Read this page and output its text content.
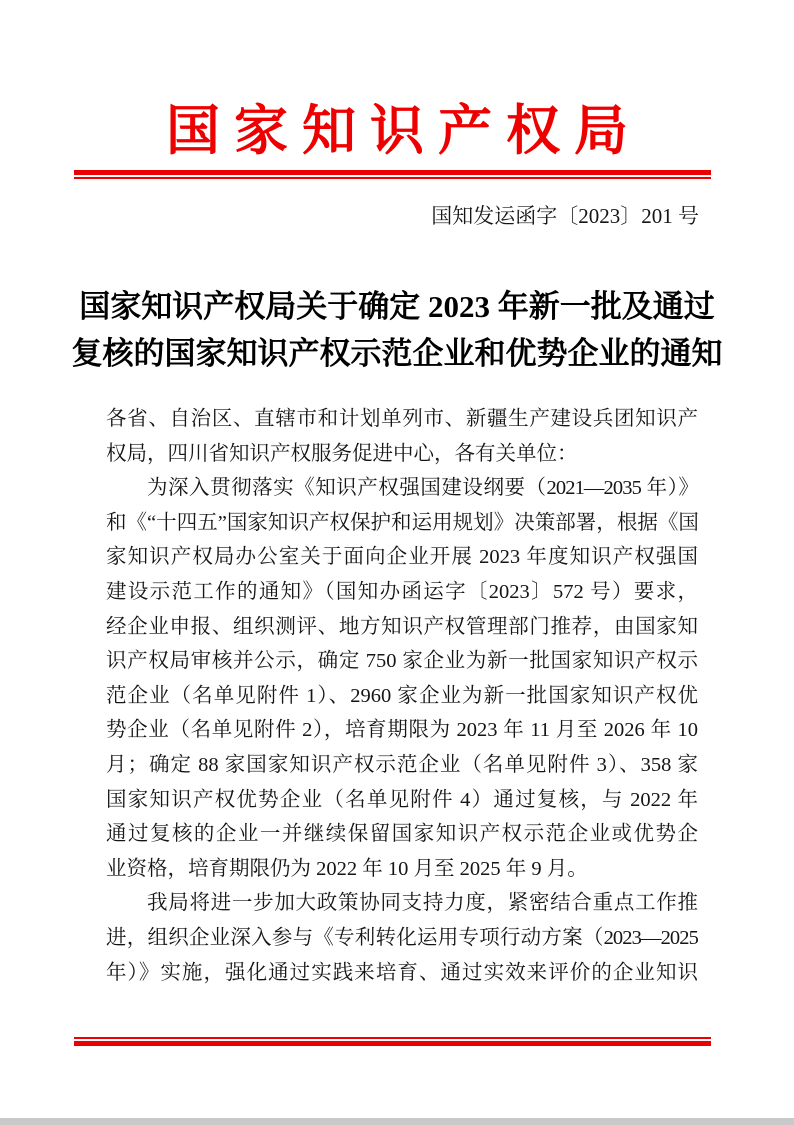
国家知识产权局
国知发运函字〔2023〕201 号
国家知识产权局关于确定 2023 年新一批及通过
复核的国家知识产权示范企业和优势企业的通知
各省、自治区、直辖市和计划单列市、新疆生产建设兵团知识产
权局，四川省知识产权服务促进中心，各有关单位：
为深入贯彻落实《知识产权强国建设纲要（2021—2035 年）》
和《“十四五”国家知识产权保护和运用规划》决策部署，根据《国
家知识产权局办公室关于面向企业开展 2023 年度知识产权强国
建设示范工作的通知》（国知办函运字〔2023〕572 号）要求，
经企业申报、组织测评、地方知识产权管理部门推荐，由国家知
识产权局审核并公示，确定 750 家企业为新一批国家知识产权示
范企业（名单见附件 1）、2960 家企业为新一批国家知识产权优
势企业（名单见附件 2），培育期限为 2023 年 11 月至 2026 年 10
月；确定 88 家国家知识产权示范企业（名单见附件 3）、358 家
国家知识产权优势企业（名单见附件 4）通过复核，与 2022 年
通过复核的企业一并继续保留国家知识产权示范企业或优势企
业资格，培育期限仍为 2022 年 10 月至 2025 年 9 月。
我局将进一步加大政策协同支持力度，紧密结合重点工作推
进，组织企业深入参与《专利转化运用专项行动方案（2023—2025
年）》实施，强化通过实践来培育、通过实效来评价的企业知识
